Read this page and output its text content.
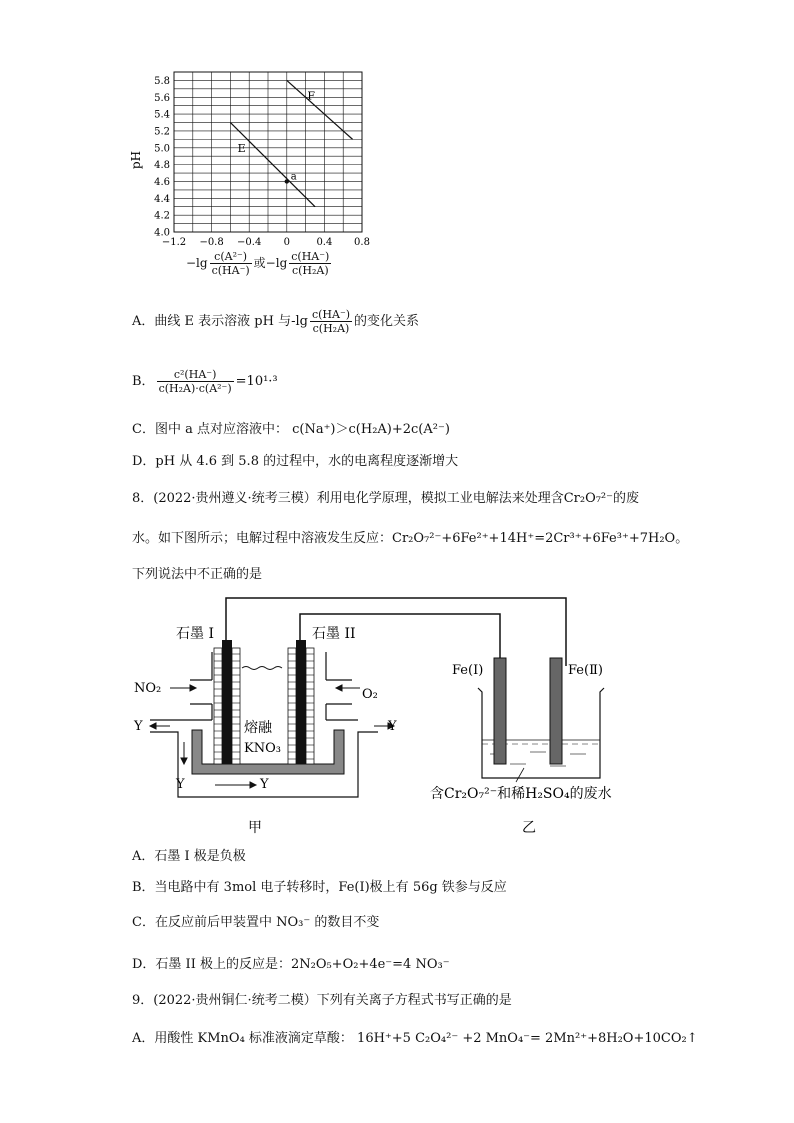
E
F
a
−1.2 −0.8 −0.4 0	0.4 0.8
4.0
4.2
4.4
4.6
4.8
5.0
5.2
5.4
5.6
5.8
pH
$-\lg \frac{\text{c(A²⁻)}}{c(HA^-)}$ 或$-\lg \frac{c(HA^-)}{\text{c(H₂A)}}$
A．曲线 E 表示溶液 pH 与$-\lg \frac{c(HA^-)}{\text{c(H₂A)}}$ 的变化关系
B． $\frac{\text{c²(HA⁻)}}{\text{c(H₂A)·c(A²⁻)}} =10^1\cdot^3$
C．图中 a 点对应溶液中： c(Na⁺)＞c(H₂A)+2c(A²⁻)
D．pH 从 4.6 到 5.8 的过程中，水的电离程度逐渐增大
8．(2022·贵州遵义·统考三模）利用电化学原理，模拟工业电解法来处理含Cr₂O₇²⁻的废
水。如下图所示；电解过程中溶液发生反应：Cr₂O₇²⁻+6Fe²⁺+14H⁺=2Cr³⁺+6Fe³⁺+7H₂O。
下列说法中不正确的是
石墨 I	石墨 II
NO₂	O₂
Y	Y
Y	Y
熔融
KNO₃
Fe(Ⅰ)	Fe(Ⅱ)
含Cr₂O₇²⁻和稀H₂SO₄的废水
甲	乙
A．石墨 I 极是负极
B．当电路中有 3mol 电子转移时，Fe(I)极上有 56g 铁参与反应
C．在反应前后甲装置中 NO₃⁻ 的数目不变
D．石墨 II 极上的反应是：2N₂O₅+O₂+4e⁻=4 NO₃⁻
9．(2022·贵州铜仁·统考二模）下列有关离子方程式书写正确的是
A．用酸性 KMnO₄ 标准液滴定草酸： 16H⁺+5 C₂O₄²⁻ +2 MnO₄⁻= 2Mn²⁺+8H₂O+10CO₂↑
